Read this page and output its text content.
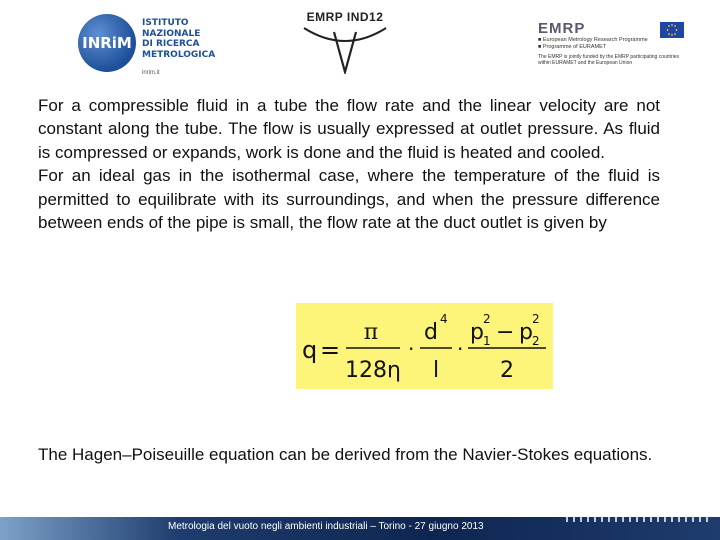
INRiM
ISTITUTO
NAZIONALE
DI RICERCA
METROLOGICA
inrim.it
EMRP IND12
EMRP
■ European Metrology Research Programme
■ Programme of EURAMET
The EMRP is jointly funded by the EMRP participating countries within EURAMET and the European Union

For a compressible fluid in a tube the flow rate and the linear velocity are not constant along the tube. The flow is usually expressed at outlet pressure. As fluid is compressed or expands, work is done and the fluid is heated and cooled.

For an ideal gas in the isothermal case, where the temperature of the fluid is permitted to equilibrate with its surroundings, and when the pressure difference between ends of the pipe is small, the flow rate at the duct outlet is given by

q =
π
128η
·
d
4
l
·
p
2
1 − p
2
2
2

The Hagen–Poiseuille equation can be derived from the Navier-Stokes equations.

Metrologia del vuoto negli ambienti industriali – Torino - 27 giugno 2013
